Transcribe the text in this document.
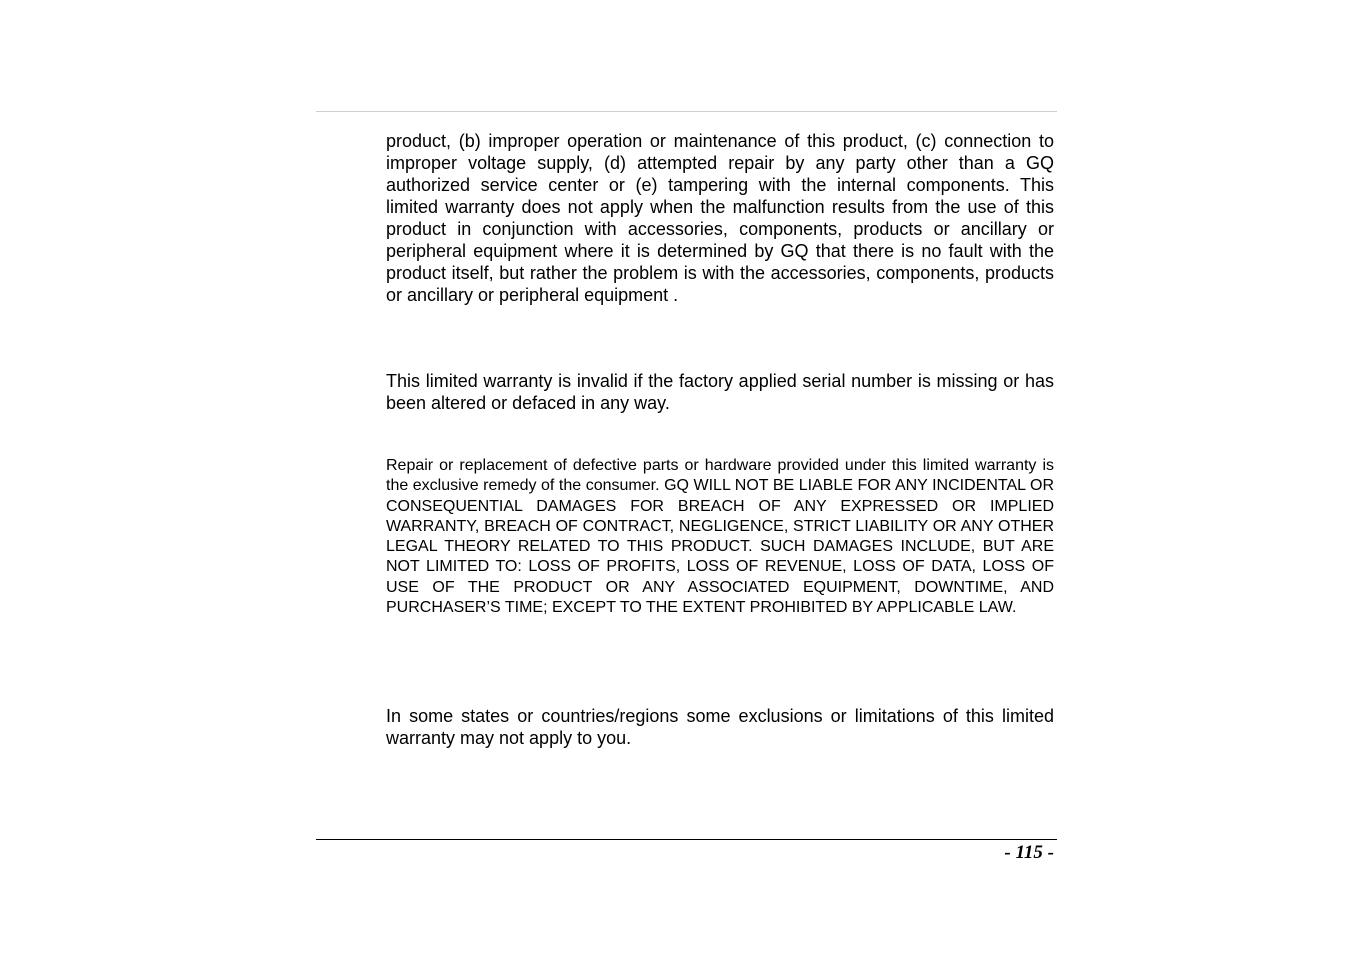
product, (b) improper operation or maintenance of this product, (c) connection to improper voltage supply, (d) attempted repair by any party other than a GQ authorized service center or (e) tampering with the internal components. This limited warranty does not apply when the malfunction results from the use of this product in conjunction with accessories, components, products or ancillary or peripheral equipment where it is determined by GQ that there is no fault with the product itself, but rather the problem is with the accessories, components, products or ancillary or peripheral equipment .

This limited warranty is invalid if the factory applied serial number is missing or has been altered or defaced in any way.

Repair or replacement of defective parts or hardware provided under this limited warranty is the exclusive remedy of the consumer. GQ WILL NOT BE LIABLE FOR ANY INCIDENTAL OR CONSEQUENTIAL DAMAGES FOR BREACH OF ANY EXPRESSED OR IMPLIED WARRANTY, BREACH OF CONTRACT, NEGLIGENCE, STRICT LIABILITY OR ANY OTHER LEGAL THEORY RELATED TO THIS PRODUCT. SUCH DAMAGES INCLUDE, BUT ARE NOT LIMITED TO: LOSS OF PROFITS, LOSS OF REVENUE, LOSS OF DATA, LOSS OF USE OF THE PRODUCT OR ANY ASSOCIATED EQUIPMENT, DOWNTIME, AND PURCHASER’S TIME; EXCEPT TO THE EXTENT PROHIBITED BY APPLICABLE LAW.

In some states or countries/regions some exclusions or limitations of this limited warranty may not apply to you.

- 115 -
